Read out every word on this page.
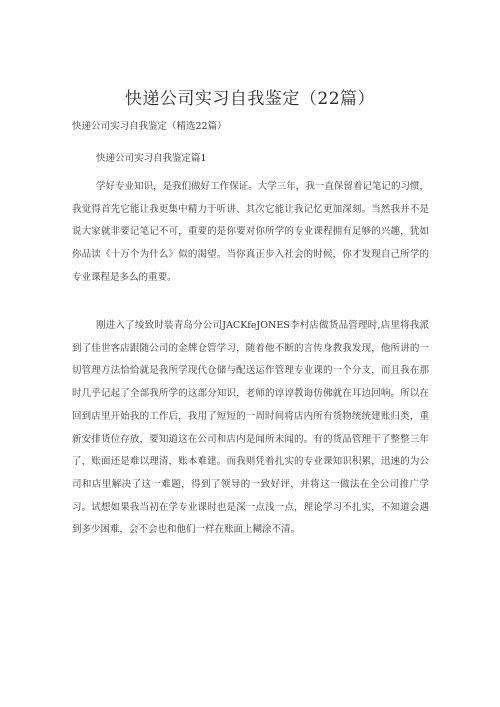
快递公司实习自我鉴定（22篇）
快递公司实习自我鉴定（精选22篇）
快递公司实习自我鉴定篇1

学好专业知识，是我们做好工作保证。大学三年，我一直保留着记笔记的习惯，我觉得首先它能让我更集中精力于听讲、其次它能让我记忆更加深刻。当然我并不是说大家就非要记笔记不可，重要的是你要对你所学的专业课程拥有足够的兴趣，犹如你品读《十万个为什么》似的渴望。当你真正步入社会的时候，你才发现自己所学的专业课程是多么的重要。

刚进入了绫致时装青岛分公司JACKfeJONES李村店做货品管理时,店里将我派到了佳世客店跟随公司的金牌仓管学习，随着他不断的言传身教我发现，他所讲的一切管理方法恰恰就是我所学现代仓储与配送运作管理专业课的一个分支，而且我在那时几乎记起了全部我所学的这部分知识，老师的谆谆教诲仿佛就在耳边回响。所以在回到店里开始我的工作后，我用了短短的一周时间将店内所有货物统统建账归类，重新安排货位存放，要知道这在公司和店内是闻所未闻的。有的货品管理干了整整三年了，账面还是难以理清，账本难建。而我则凭着扎实的专业课知识积累，迅速的为公司和店里解决了这一难题，得到了领导的一致好评，并将这一做法在全公司推广学习。试想如果我当初在学专业课时也是深一点浅一点，理论学习不扎实，不知道会遇到多少困难，会不会也和他们一样在账面上糊涂不清。
